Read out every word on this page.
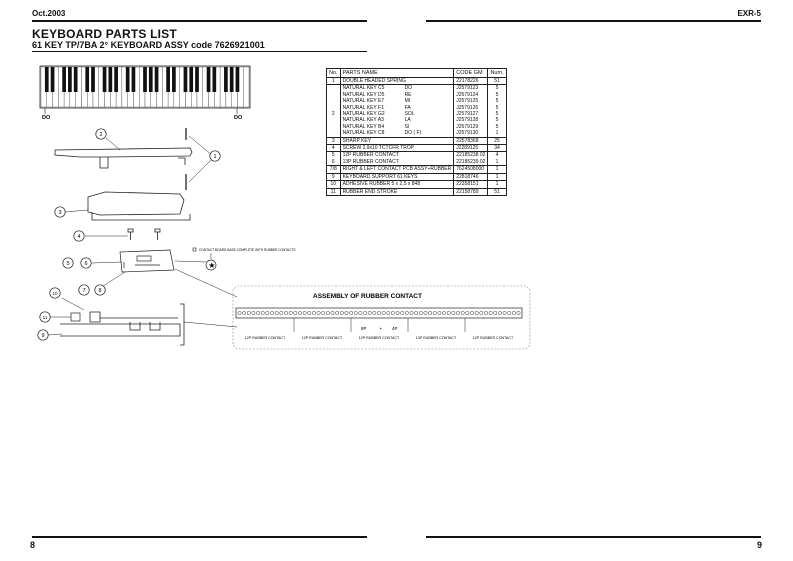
Oct.2003	EXR-5
KEYBOARD PARTS LIST
61 KEY TP/7BA 2° KEYBOARD ASSY code 7626921001
No.	PARTS NAME	CODE GM	Num.
1	DOUBLE HEADED SPRING	22178226	51
	NATURAL KEY C5 DO	J2579123	5
	NATURAL KEY D5 RE	J2579124	5
	NATURAL KEY E7 MI	J2579125	5
	NATURAL KEY F1 FA	J2579126	5
2	NATURAL KEY G2 SOL	J2579127	5
	NATURAL KEY A3 LA	J2579128	5
	NATURAL KEY B4 SI	J2579129	5
	NATURAL KEY C8 DO ( F)	J2579130	1
3	SHARP KEY	22578368	25
4	SCREW 2.9x10 TCTCFR TROP	J2289125	34
5	12P RUBBER CONTACT	22185238 02	4
6	13P RUBBER CONTACT	22185239 02	1
7/8	RIGHT & LEFT CONTACT PCB ASSY+RUBBER	7624508000	1
9	KEYBOARD SUPPORT 61 KEYS	22818746	1
10	ADHESIVE RUBBER 5 x 2,5 x 848	22358151	1
11	RUBBER END STROKE	22158789	51
DO	DO
CONTACT BOARD BASE COMPLETE WITH RUBBER CONTACTS
★
2
1
3
4
5	6
7 8
10
11
9
ASSEMBLY OF RUBBER CONTACT
8P	• 4P
12P RUBBER CONTACT	12P RUBBER CONTACT	12P RUBBER CONTACT	13P RUBBER CONTACT	12P RUBBER CONTACT
8	9
